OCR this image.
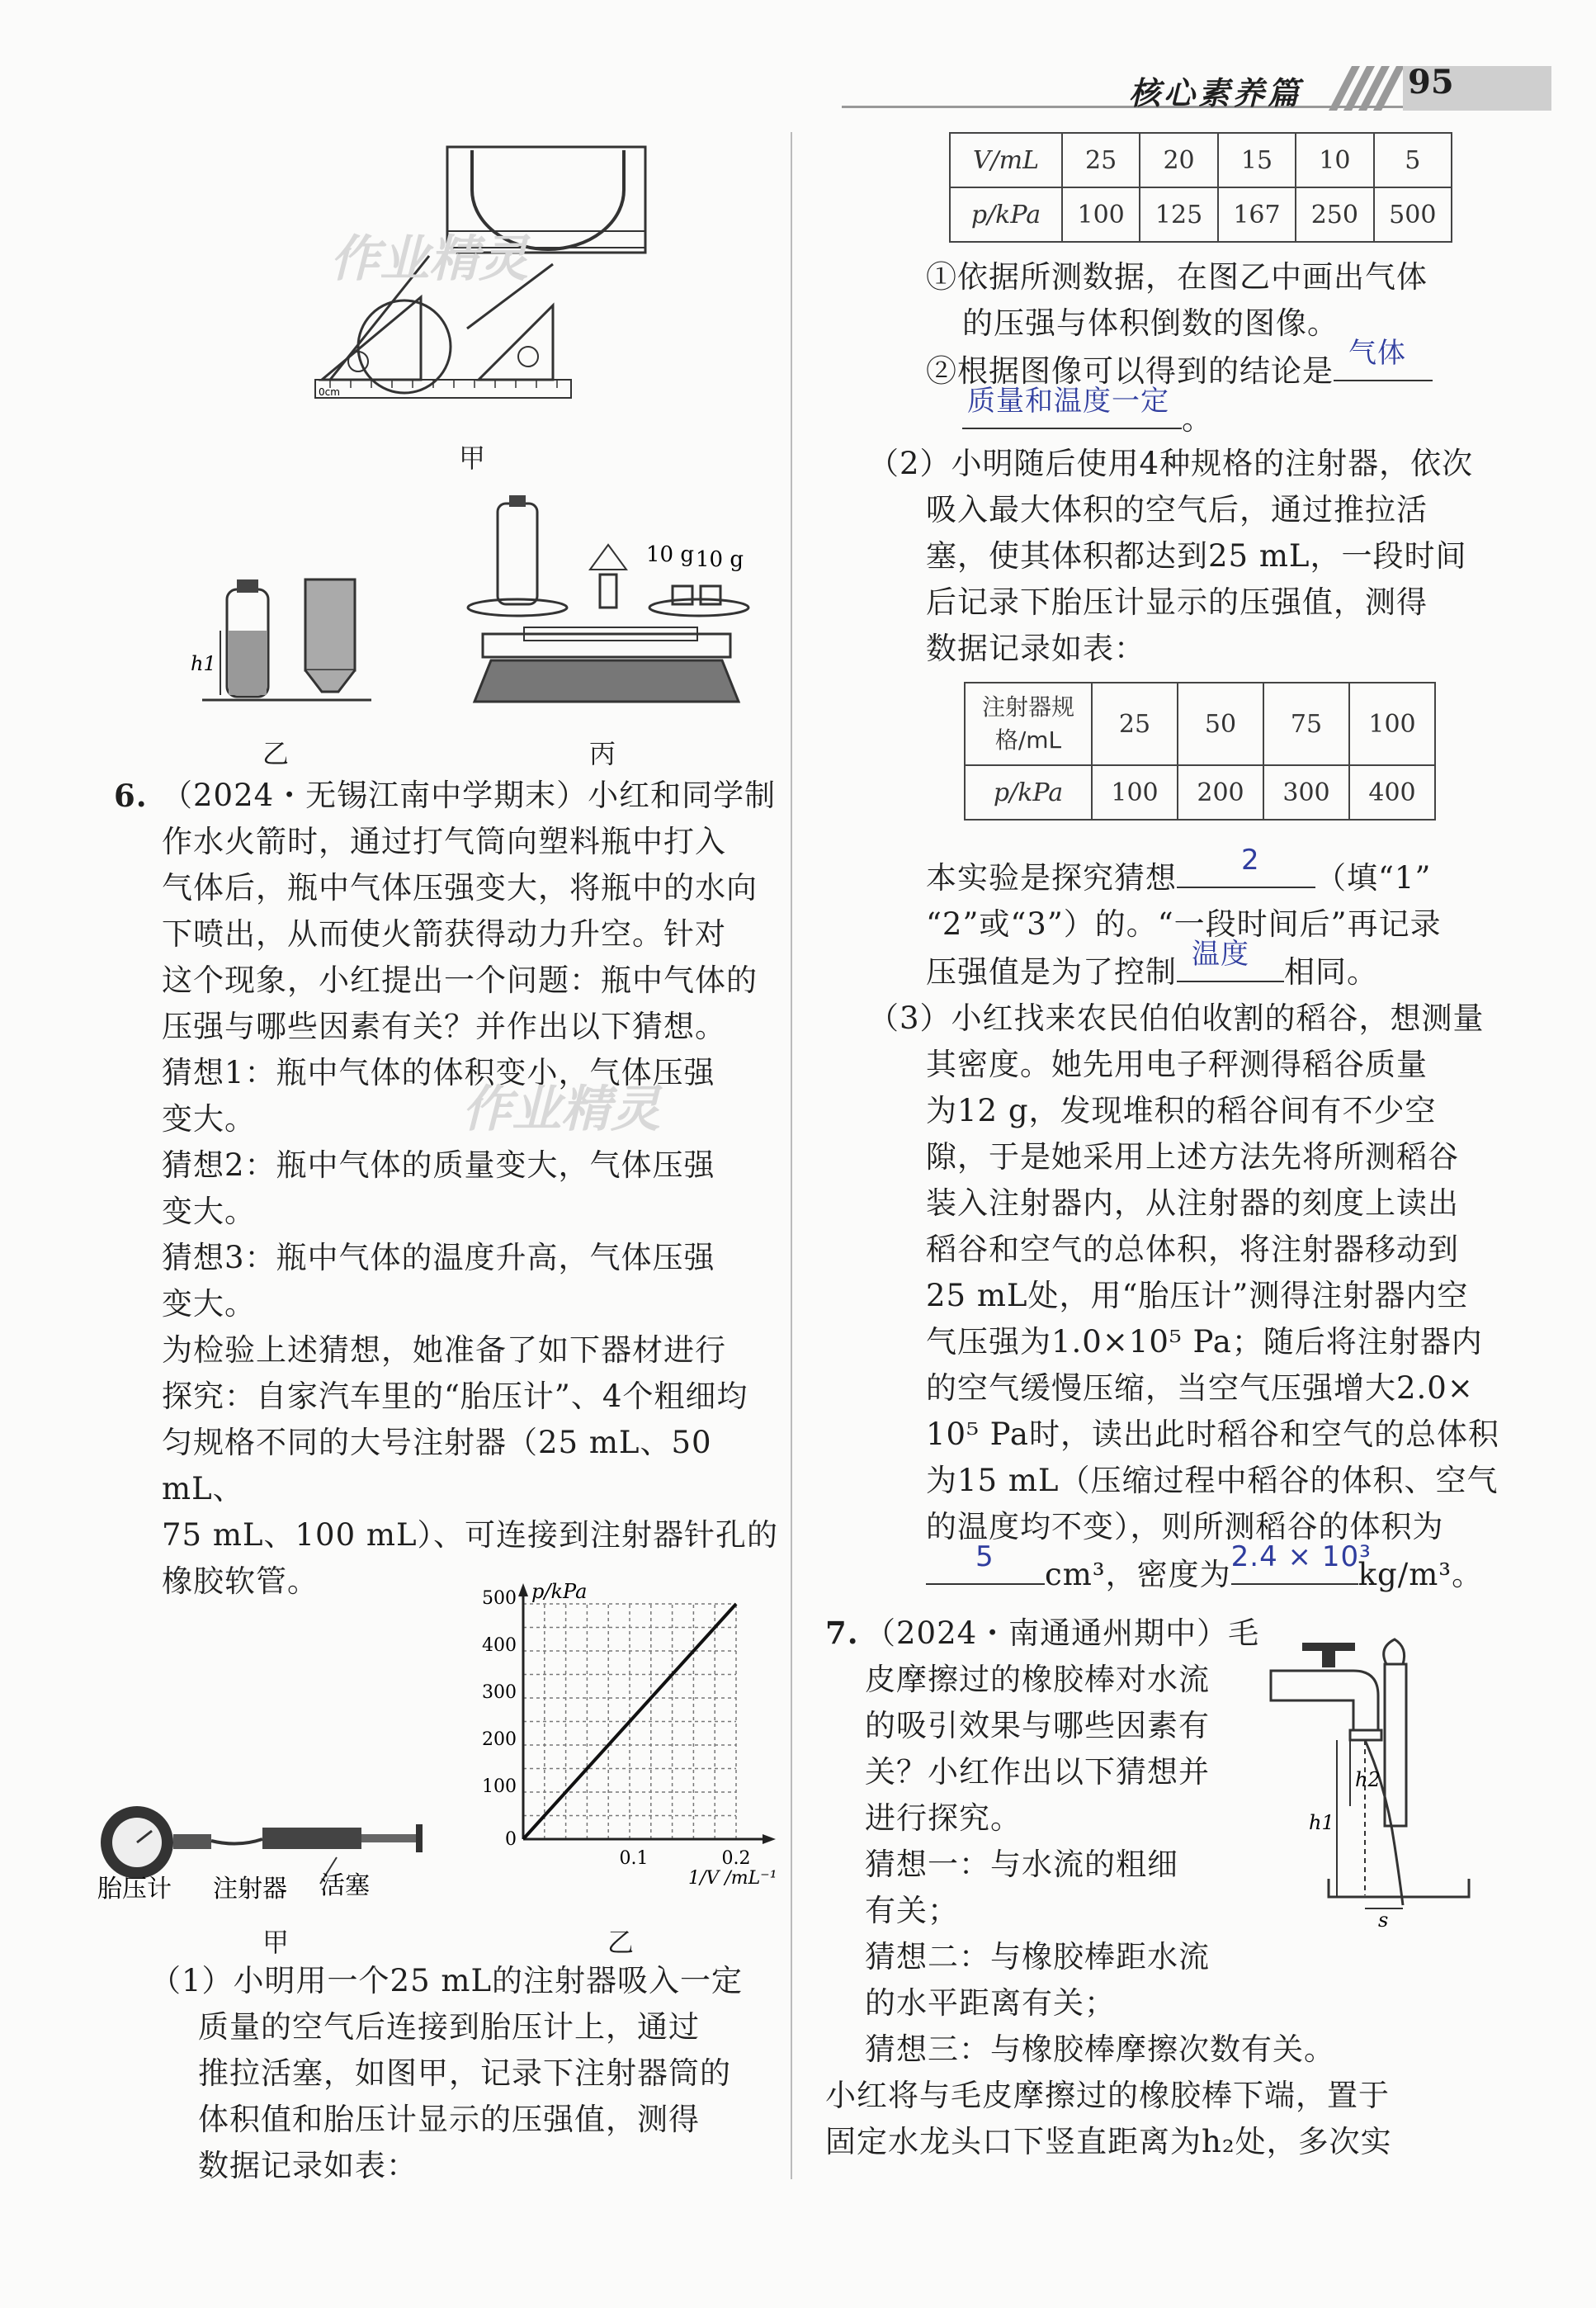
核心素养篇	95
0cm
作业精灵
甲
h1
10 g 10 g
乙	丙
6. （2024・无锡江南中学期末）小红和同学制
作水火箭时，通过打气筒向塑料瓶中打入
气体后，瓶中气体压强变大，将瓶中的水向
下喷出，从而使火箭获得动力升空。针对
这个现象，小红提出一个问题：瓶中气体的
压强与哪些因素有关？并作出以下猜想。
猜想1：瓶中气体的体积变小，气体压强
变大。
猜想2：瓶中气体的质量变大，气体压强
变大。
猜想3：瓶中气体的温度升高，气体压强
变大。
为检验上述猜想，她准备了如下器材进行
探究：自家汽车里的“胎压计”、4个粗细均
匀规格不同的大号注射器（25 mL、50 mL、
75 mL、100 mL）、可连接到注射器针孔的
橡胶软管。
作业精灵
胎压计 注射器 活塞
甲
p/kPa
1/V /mL⁻¹
500
400
300
200
100
0
0.1	0.2
乙
（1）小明用一个25 mL的注射器吸入一定
质量的空气后连接到胎压计上，通过
推拉活塞，如图甲，记录下注射器筒的
体积值和胎压计显示的压强值，测得
数据记录如表：
V/mL	25	20	15	10	5
p/kPa	100	125	167	250	500
①依据所测数据，在图乙中画出气体
的压强与体积倒数的图像。
②根据图像可以得到的结论是 气体
质量和温度一定 。
（2）小明随后使用4种规格的注射器，依次
吸入最大体积的空气后，通过推拉活
塞，使其体积都达到25 mL，一段时间
后记录下胎压计显示的压强值，测得
数据记录如表：
注射器规
格/mL	25	50	75	100
p/kPa	100	200	300	400
本实验是探究猜想 2 （填“1”
“2”或“3”）的。“一段时间后”再记录
压强值是为了控制 温度 相同。
（3）小红找来农民伯伯收割的稻谷，想测量
其密度。她先用电子秤测得稻谷质量
为12 g，发现堆积的稻谷间有不少空
隙，于是她采用上述方法先将所测稻谷
装入注射器内，从注射器的刻度上读出
稻谷和空气的总体积，将注射器移动到
25 mL处，用“胎压计”测得注射器内空
气压强为1.0×10⁵ Pa；随后将注射器内
的空气缓慢压缩，当空气压强增大2.0×
10⁵ Pa时，读出此时稻谷和空气的总体积
为15 mL（压缩过程中稻谷的体积、空气
的温度均不变），则所测稻谷的体积为
5 cm³，密度为 2.4 × 10³
kg/m³。
7. （2024・南通通州期中）毛
皮摩擦过的橡胶棒对水流
的吸引效果与哪些因素有
关？小红作出以下猜想并
进行探究。
猜想一：与水流的粗细
有关；
猜想二：与橡胶棒距水流
的水平距离有关；
猜想三：与橡胶棒摩擦次数有关。
小红将与毛皮摩擦过的橡胶棒下端，置于
固定水龙头口下竖直距离为h₂处，多次实
h2
h1
s
